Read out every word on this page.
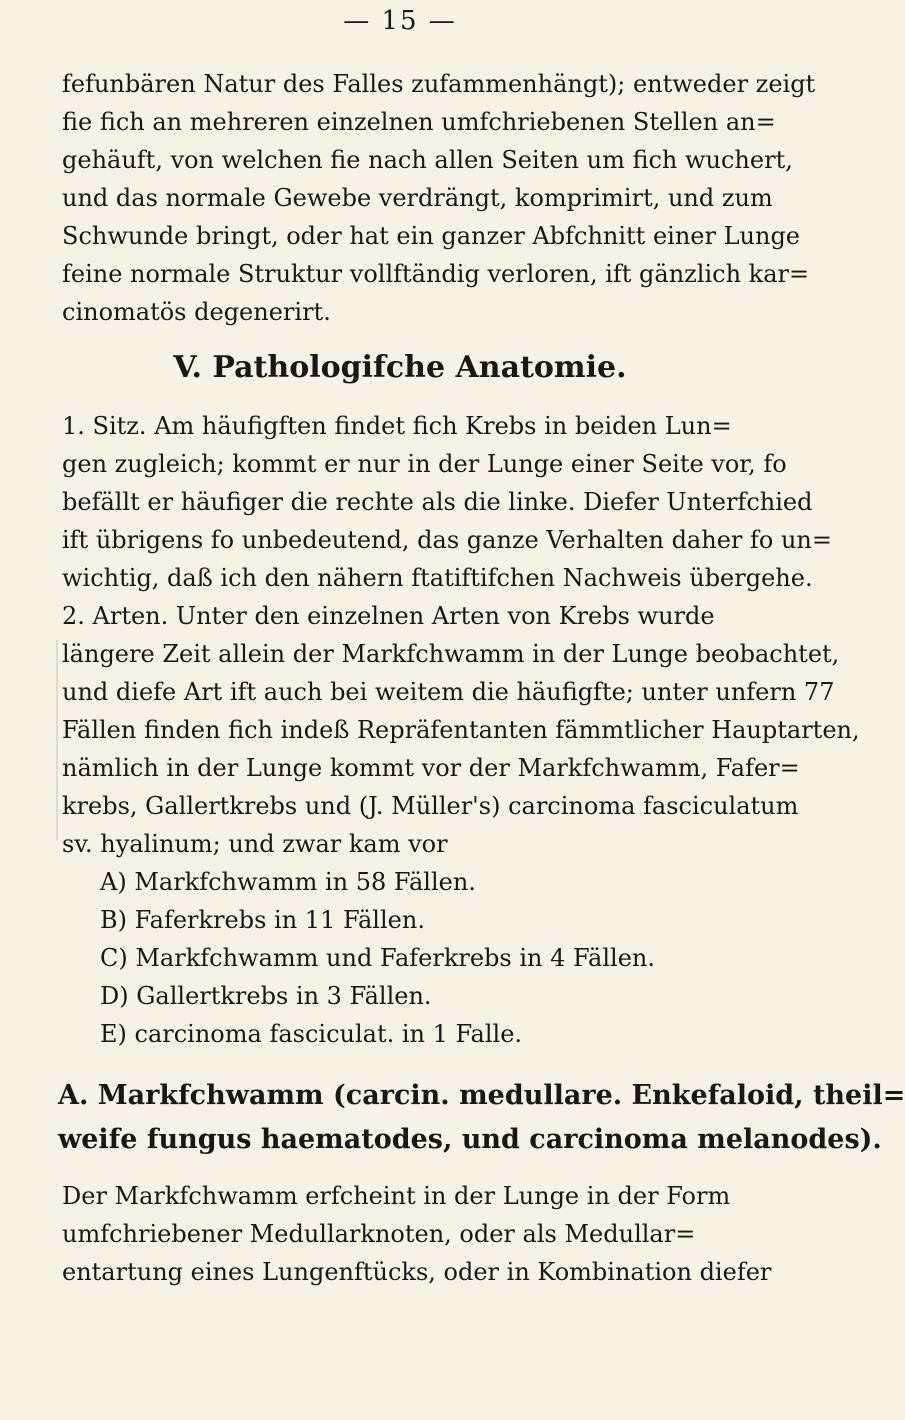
— 15 —
fefunbären Natur des Falles zufammenhängt); entweder zeigt
fie fich an mehreren einzelnen umfchriebenen Stellen an=
gehäuft, von welchen fie nach allen Seiten um fich wuchert,
und das normale Gewebe verdrängt, komprimirt, und zum
Schwunde bringt, oder hat ein ganzer Abfchnitt einer Lunge
feine normale Struktur vollftändig verloren, ift gänzlich kar=
cinomatös degenerirt.
V. Pathologifche Anatomie.
1. Sitz. Am häufigften findet fich Krebs in beiden Lun=
gen zugleich; kommt er nur in der Lunge einer Seite vor, fo
befällt er häufiger die rechte als die linke. Diefer Unterfchied
ift übrigens fo unbedeutend, das ganze Verhalten daher fo un=
wichtig, daß ich den nähern ftatiftifchen Nachweis übergehe.
2. Arten. Unter den einzelnen Arten von Krebs wurde
längere Zeit allein der Markfchwamm in der Lunge beobachtet,
und diefe Art ift auch bei weitem die häufigfte; unter unfern 77
Fällen finden fich indeß Repräfentanten fämmtlicher Hauptarten,
nämlich in der Lunge kommt vor der Markfchwamm, Fafer=
krebs, Gallertkrebs und (J. Müller's) carcinoma fasciculatum
sv. hyalinum; und zwar kam vor
A) Markfchwamm in 58 Fällen.
B) Faferkrebs in 11 Fällen.
C) Markfchwamm und Faferkrebs in 4 Fällen.
D) Gallertkrebs in 3 Fällen.
E) carcinoma fasciculat. in 1 Falle.
A. Markfchwamm (carcin. medullare. Enkefaloid, theil=
weife fungus haematodes, und carcinoma melanodes).
Der Markfchwamm erfcheint in der Lunge in der Form
umfchriebener Medullarknoten, oder als Medullar=
entartung eines Lungenftücks, oder in Kombination diefer
